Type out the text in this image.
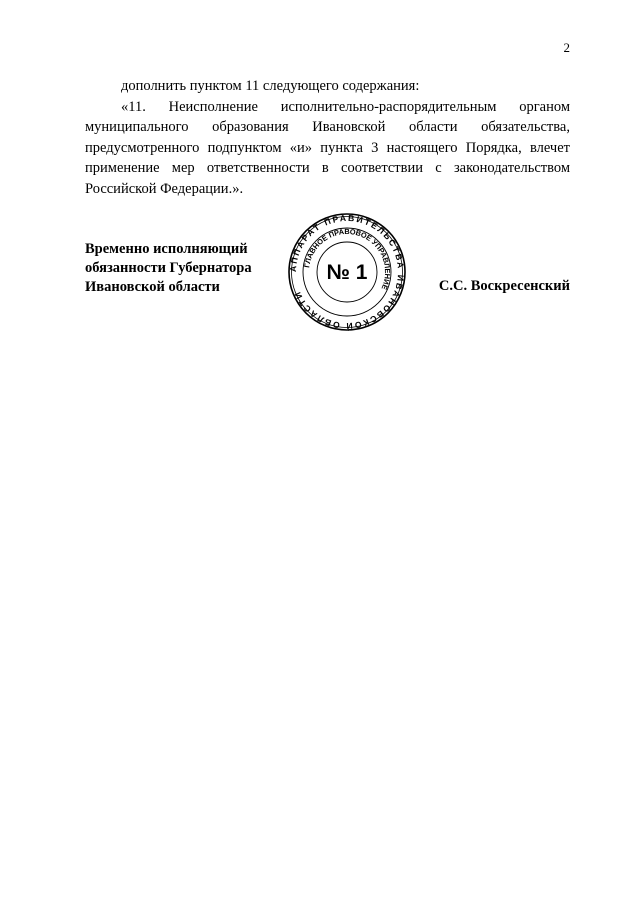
2

дополнить пунктом 11 следующего содержания:

«11. Неисполнение исполнительно-распорядительным органом муниципального образования Ивановской области обязательства, предусмотренного подпунктом «и» пункта 3 настоящего Порядка, влечет применение мер ответственности в соответствии с законодательством Российской Федерации.».

Временно исполняющий
обязанности Губернатора
Ивановской области
АППАРАТ ПРАВИТЕЛЬСТВА ИВАНОВСКОЙ ОБЛАСТИ
ГЛАВНОЕ ПРАВОВОЕ УПРАВЛЕНИЕ
№ 1
С.С. Воскресенский
